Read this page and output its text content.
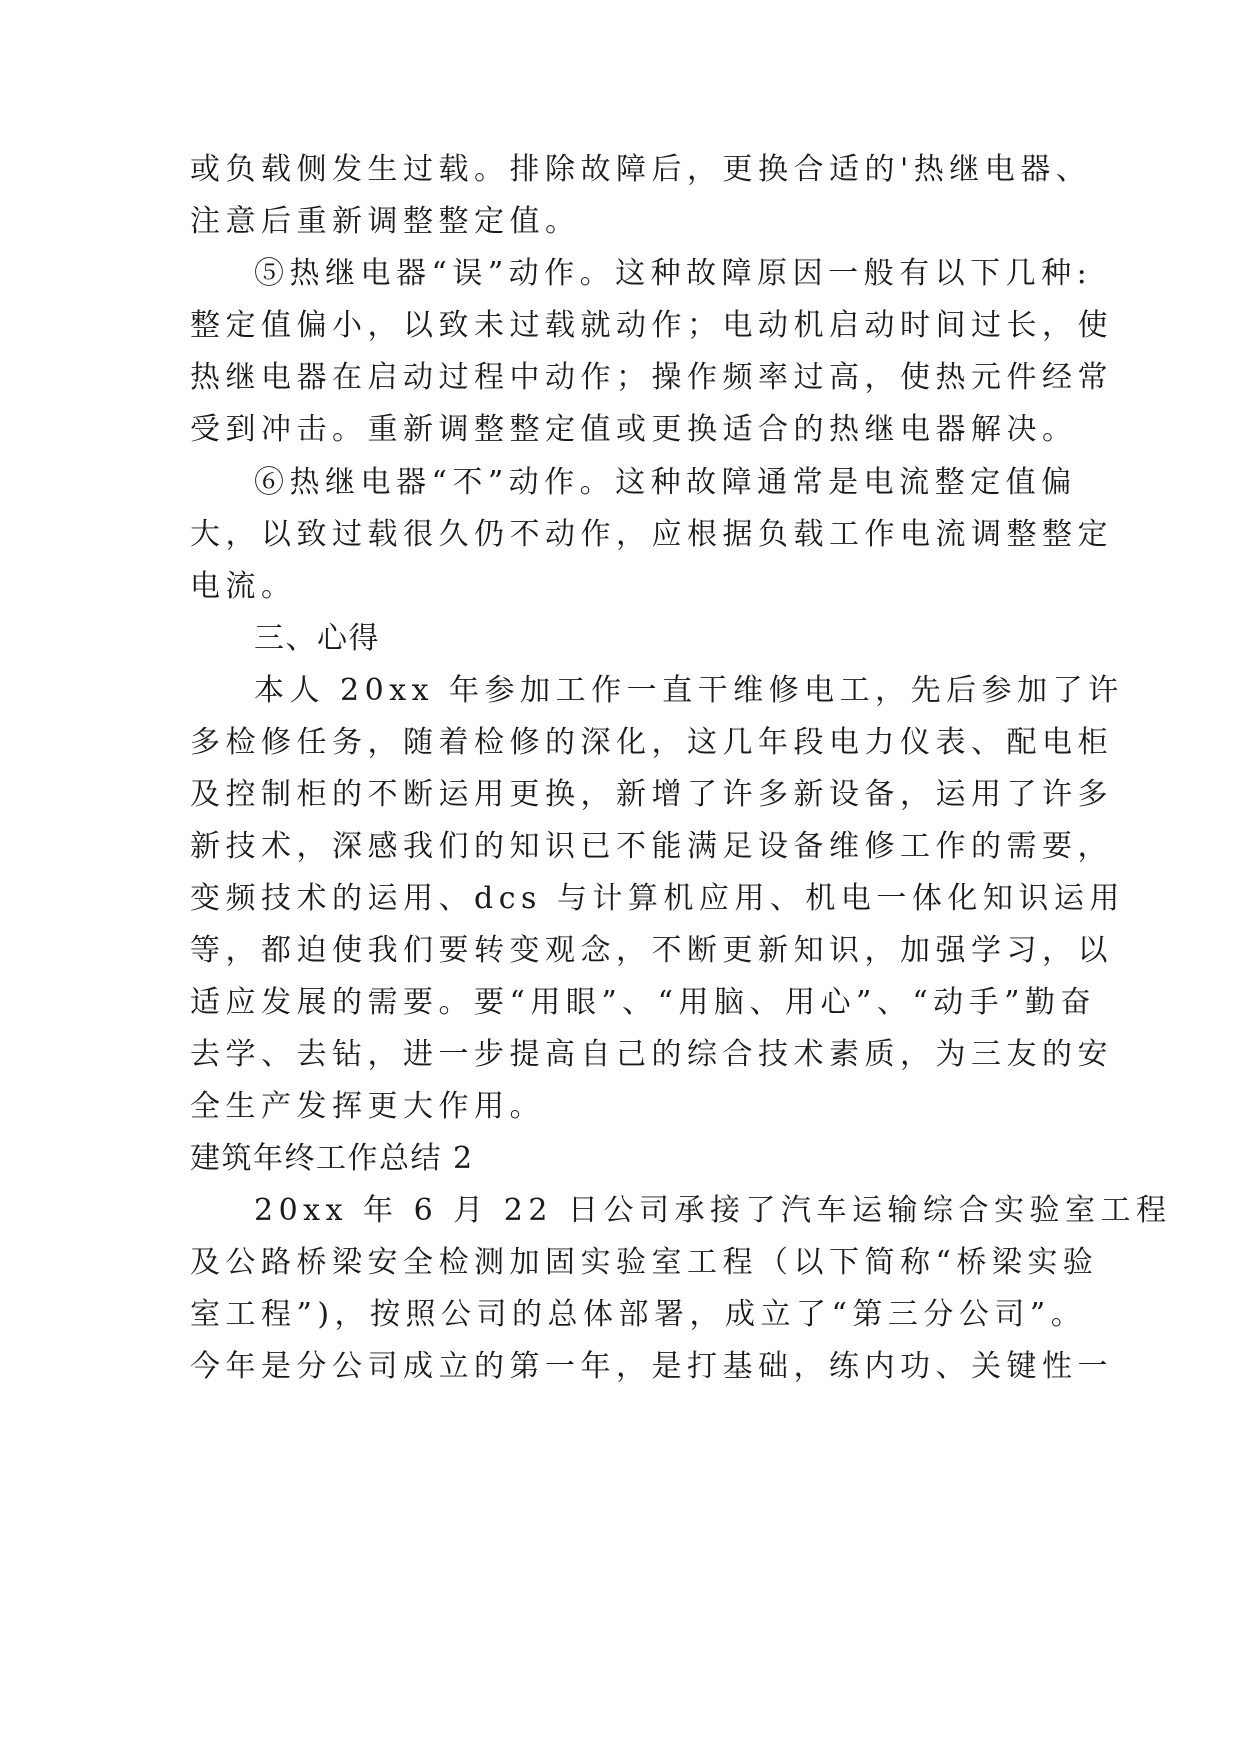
或负载侧发生过载。排除故障后，更换合适的'热继电器、
注意后重新调整整定值。
⑤热继电器“误”动作。这种故障原因一般有以下几种:
整定值偏小，以致未过载就动作；电动机启动时间过长，使
热继电器在启动过程中动作；操作频率过高，使热元件经常
受到冲击。重新调整整定值或更换适合的热继电器解决。
⑥热继电器“不”动作。这种故障通常是电流整定值偏
大，以致过载很久仍不动作，应根据负载工作电流调整整定
电流。
三、心得
本人 20xx 年参加工作一直干维修电工，先后参加了许
多检修任务，随着检修的深化，这几年段电力仪表、配电柜
及控制柜的不断运用更换，新增了许多新设备，运用了许多
新技术，深感我们的知识已不能满足设备维修工作的需要，
变频技术的运用、dcs 与计算机应用、机电一体化知识运用
等，都迫使我们要转变观念，不断更新知识，加强学习，以
适应发展的需要。要“用眼”、“用脑、用心”、“动手”勤奋
去学、去钻，进一步提高自己的综合技术素质，为三友的安
全生产发挥更大作用。
建筑年终工作总结 2
20xx 年 6 月 22 日公司承接了汽车运输综合实验室工程
及公路桥梁安全检测加固实验室工程（以下简称“桥梁实验
室工程”)，按照公司的总体部署，成立了“第三分公司”。
今年是分公司成立的第一年，是打基础，练内功、关键性一
